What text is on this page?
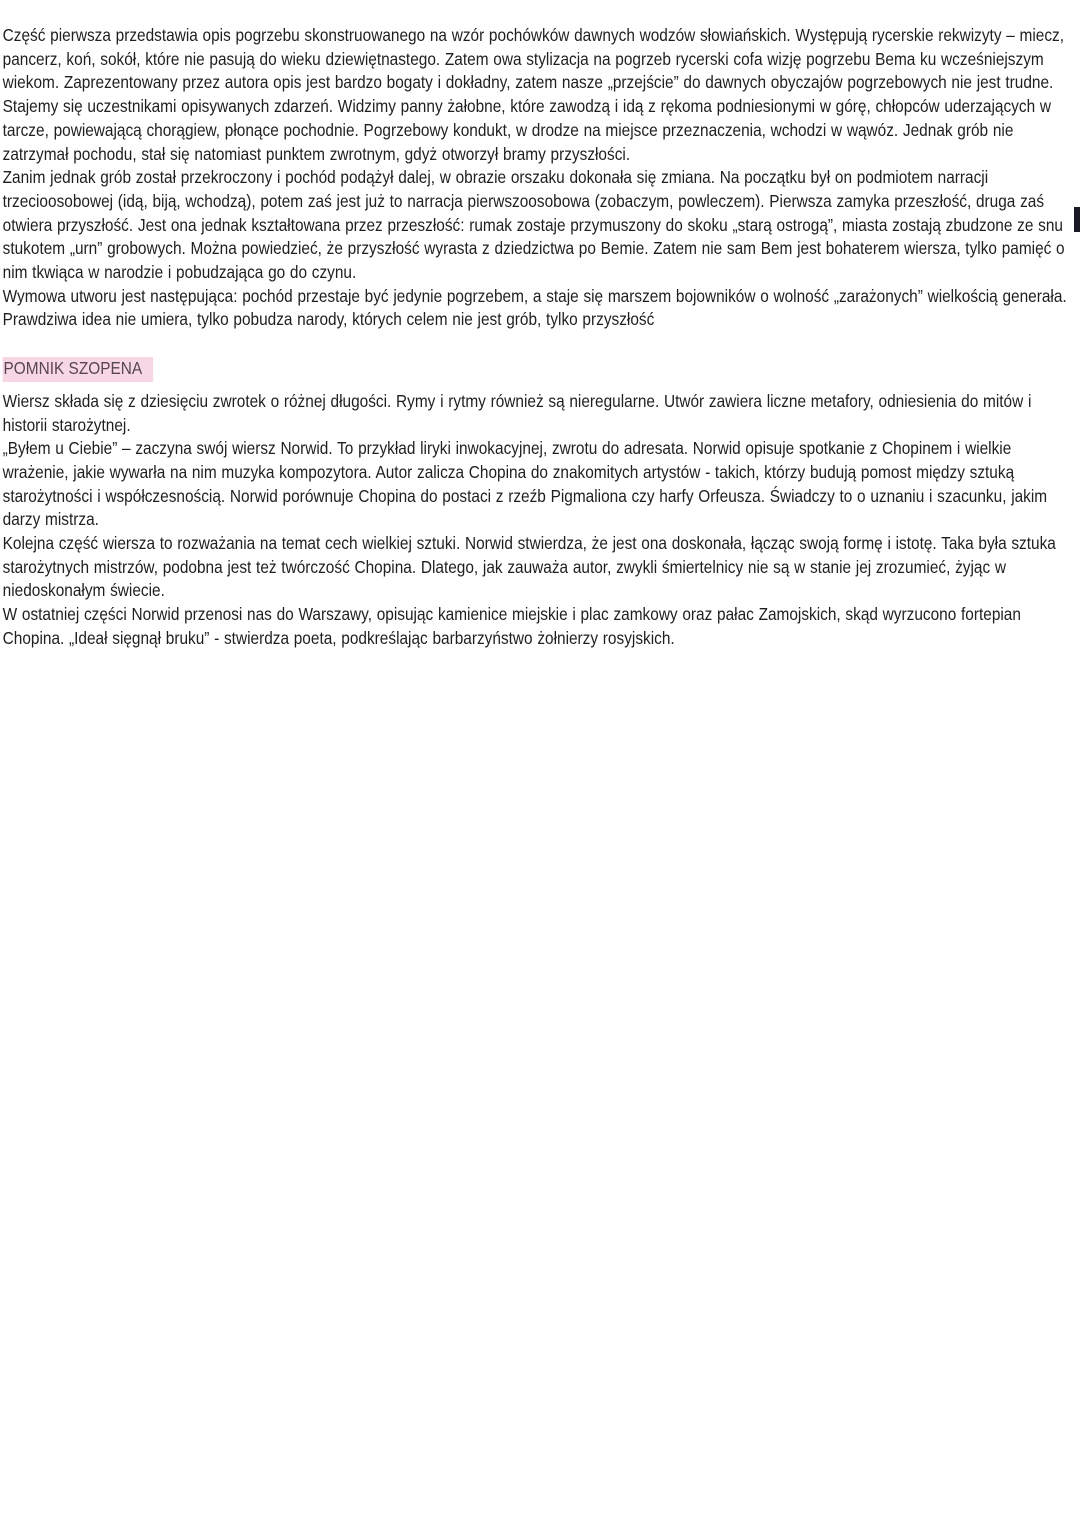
Część pierwsza przedstawia opis pogrzebu skonstruowanego na wzór pochówków dawnych wodzów słowiańskich. Występują rycerskie rekwizyty – miecz, pancerz, koń, sokół, które nie pasują do wieku dziewiętnastego. Zatem owa stylizacja na pogrzeb rycerski cofa wizję pogrzebu Bema ku wcześniejszym wiekom. Zaprezentowany przez autora opis jest bardzo bogaty i dokładny, zatem nasze „przejście” do dawnych obyczajów pogrzebowych nie jest trudne. Stajemy się uczestnikami opisywanych zdarzeń. Widzimy panny żałobne, które zawodzą i idą z rękoma podniesionymi w górę, chłopców uderzających w tarcze, powiewającą chorągiew, płonące pochodnie. Pogrzebowy kondukt, w drodze na miejsce przeznaczenia, wchodzi w wąwóz. Jednak grób nie zatrzymał pochodu, stał się natomiast punktem zwrotnym, gdyż otworzył bramy przyszłości.

Zanim jednak grób został przekroczony i pochód podążył dalej, w obrazie orszaku dokonała się zmiana. Na początku był on podmiotem narracji trzecioosobowej (idą, biją, wchodzą), potem zaś jest już to narracja pierwszoosobowa (zobaczym, powleczem). Pierwsza zamyka przeszłość, druga zaś otwiera przyszłość. Jest ona jednak kształtowana przez przeszłość: rumak zostaje przymuszony do skoku „starą ostrogą”, miasta zostają zbudzone ze snu stukotem „urn” grobowych. Można powiedzieć, że przyszłość wyrasta z dziedzictwa po Bemie. Zatem nie sam Bem jest bohaterem wiersza, tylko pamięć o nim tkwiąca w narodzie i pobudzająca go do czynu.

Wymowa utworu jest następująca: pochód przestaje być jedynie pogrzebem, a staje się marszem bojowników o wolność „zarażonych” wielkością generała. Prawdziwa idea nie umiera, tylko pobudza narody, których celem nie jest grób, tylko przyszłość

POMNIK SZOPENA

Wiersz składa się z dziesięciu zwrotek o różnej długości. Rymy i rytmy również są nieregularne. Utwór zawiera liczne metafory, odniesienia do mitów i historii starożytnej.

„Byłem u Ciebie” – zaczyna swój wiersz Norwid. To przykład liryki inwokacyjnej, zwrotu do adresata. Norwid opisuje spotkanie z Chopinem i wielkie wrażenie, jakie wywarła na nim muzyka kompozytora. Autor zalicza Chopina do znakomitych artystów - takich, którzy budują pomost między sztuką starożytności i współczesnością. Norwid porównuje Chopina do postaci z rzeźb Pigmaliona czy harfy Orfeusza. Świadczy to o uznaniu i szacunku, jakim darzy mistrza.

Kolejna część wiersza to rozważania na temat cech wielkiej sztuki. Norwid stwierdza, że jest ona doskonała, łącząc swoją formę i istotę. Taka była sztuka starożytnych mistrzów, podobna jest też twórczość Chopina. Dlatego, jak zauważa autor, zwykli śmiertelnicy nie są w stanie jej zrozumieć, żyjąc w niedoskonałym świecie.

W ostatniej części Norwid przenosi nas do Warszawy, opisując kamienice miejskie i plac zamkowy oraz pałac Zamojskich, skąd wyrzucono fortepian Chopina. „Ideał sięgnął bruku” - stwierdza poeta, podkreślając barbarzyństwo żołnierzy rosyjskich.
